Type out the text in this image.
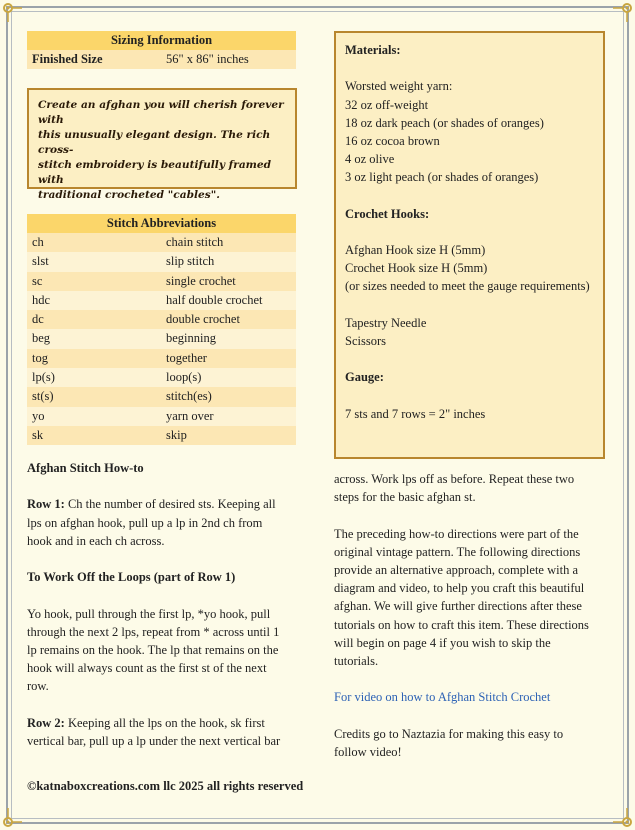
Sizing Information
Finished Size	56" x 86" inches
Create an afghan you will cherish forever with
this unusually elegant design. The rich cross-
stitch embroidery is beautifully framed with
traditional crocheted "cables".
Stitch Abbreviations
ch	chain stitch
slst	slip stitch
sc	single crochet
hdc	half double crochet
dc	double crochet
beg	beginning
tog	together
lp(s)	loop(s)
st(s)	stitch(es)
yo	yarn over
sk	skip
Materials:
Worsted weight yarn:
32 oz off-weight
18 oz dark peach (or shades of oranges)
16 oz cocoa brown
4 oz olive
3 oz light peach (or shades of oranges)
Crochet Hooks:
Afghan Hook size H (5mm)
Crochet Hook size H (5mm)
(or sizes needed to meet the gauge requirements)
Tapestry Needle
Scissors
Gauge:
7 sts and 7 rows = 2" inches
Afghan Stitch How-to
Row 1: Ch the number of desired sts. Keeping all
lps on afghan hook, pull up a lp in 2nd ch from
hook and in each ch across.
To Work Off the Loops (part of Row 1)
Yo hook, pull through the first lp, *yo hook, pull
through the next 2 lps, repeat from * across until 1
lp remains on the hook. The lp that remains on the
hook will always count as the first st of the next
row.
Row 2: Keeping all the lps on the hook, sk first
vertical bar, pull up a lp under the next vertical bar
across. Work lps off as before. Repeat these two
steps for the basic afghan st.
The preceding how-to directions were part of the
original vintage pattern. The following directions
provide an alternative approach, complete with a
diagram and video, to help you craft this beautiful
afghan. We will give further directions after these
tutorials on how to craft this item. These directions
will begin on page 4 if you wish to skip the
tutorials.
For video on how to Afghan Stitch Crochet
Credits go to Naztazia for making this easy to
follow video!
©katnaboxcreations.com llc 2025 all rights reserved
